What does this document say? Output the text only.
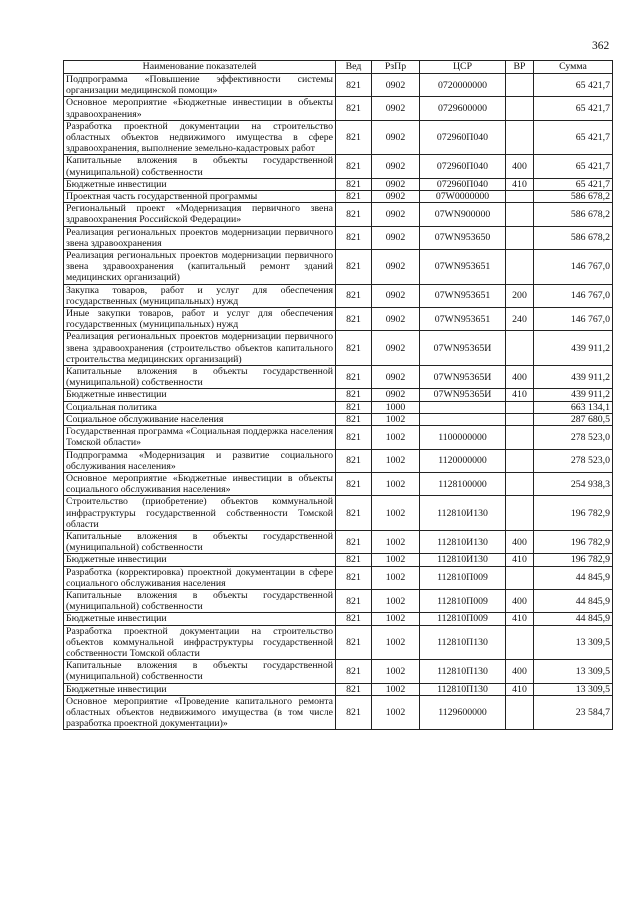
362
Наименование показателей	Вед	РзПр	ЦСР	ВР	Сумма
Подпрограмма «Повышение эффективности системы организации медицинской помощи»	821	0902	0720000000		65 421,7
Основное мероприятие «Бюджетные инвестиции в объекты здравоохранения»	821	0902	0729600000		65 421,7
Разработка проектной документации на строительство областных объектов недвижимого имущества в сфере здравоохранения, выполнение земельно-кадастровых работ	821	0902	072960П040		65 421,7
Капитальные вложения в объекты государственной (муниципальной) собственности	821	0902	072960П040	400	65 421,7
Бюджетные инвестиции	821	0902	072960П040	410	65 421,7
Проектная часть государственной программы	821	0902	07W0000000		586 678,2
Региональный проект «Модернизация первичного звена здравоохранения Российской Федерации»	821	0902	07WN900000		586 678,2
Реализация региональных проектов модернизации первичного звена здравоохранения	821	0902	07WN953650		586 678,2
Реализация региональных проектов модернизации первичного звена здравоохранения (капитальный ремонт зданий медицинских организаций)	821	0902	07WN953651		146 767,0
Закупка товаров, работ и услуг для обеспечения государственных (муниципальных) нужд	821	0902	07WN953651	200	146 767,0
Иные закупки товаров, работ и услуг для обеспечения государственных (муниципальных) нужд	821	0902	07WN953651	240	146 767,0
Реализация региональных проектов модернизации первичного звена здравоохранения (строительство объектов капитального строительства медицинских организаций)	821	0902	07WN95365И		439 911,2
Капитальные вложения в объекты государственной (муниципальной) собственности	821	0902	07WN95365И	400	439 911,2
Бюджетные инвестиции	821	0902	07WN95365И	410	439 911,2
Социальная политика	821	1000			663 134,1
Социальное обслуживание населения	821	1002			287 680,5
Государственная программа «Социальная поддержка населения Томской области»	821	1002	1100000000		278 523,0
Подпрограмма «Модернизация и развитие социального обслуживания населения»	821	1002	1120000000		278 523,0
Основное мероприятие «Бюджетные инвестиции в объекты социального обслуживания населения»	821	1002	1128100000		254 938,3
Строительство (приобретение) объектов коммунальной инфраструктуры государственной собственности Томской области	821	1002	112810И130		196 782,9
Капитальные вложения в объекты государственной (муниципальной) собственности	821	1002	112810И130	400	196 782,9
Бюджетные инвестиции	821	1002	112810И130	410	196 782,9
Разработка (корректировка) проектной документации в сфере социального обслуживания населения	821	1002	112810П009		44 845,9
Капитальные вложения в объекты государственной (муниципальной) собственности	821	1002	112810П009	400	44 845,9
Бюджетные инвестиции	821	1002	112810П009	410	44 845,9
Разработка проектной документации на строительство объектов коммунальной инфраструктуры государственной собственности Томской области	821	1002	112810П130		13 309,5
Капитальные вложения в объекты государственной (муниципальной) собственности	821	1002	112810П130	400	13 309,5
Бюджетные инвестиции	821	1002	112810П130	410	13 309,5
Основное мероприятие «Проведение капитального ремонта областных объектов недвижимого имущества (в том числе разработка проектной документации)»	821	1002	1129600000		23 584,7
